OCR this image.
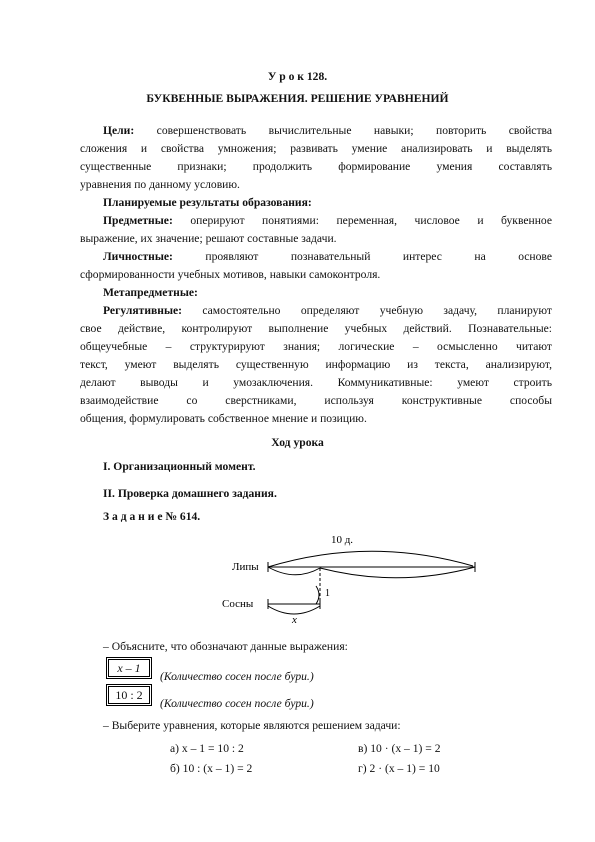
У р о к 128.
БУКВЕННЫЕ ВЫРАЖЕНИЯ. РЕШЕНИЕ УРАВНЕНИЙ
Цели: совершенствовать вычислительные навыки; повторить свойства
сложения и свойства умножения; развивать умение анализировать и выделять
существенные признаки; продолжить формирование умения составлять
уравнения по данному условию.
Планируемые результаты образования:
Предметные: оперируют понятиями: переменная, числовое и буквенное
выражение, их значение; решают составные задачи.
Личностные:	проявляют познавательный интерес на основе
сформированности учебных мотивов, навыки самоконтроля.
Метапредметные:
Регулятивные: самостоятельно определяют учебную задачу, планируют
свое действие, контролируют выполнение учебных действий. Познавательные:
общеучебные – структурируют знания; логические – осмысленно читают
текст, умеют выделять существенную информацию из текста, анализируют,
делают выводы и умозаключения. Коммуникативные: умеют строить
взаимодействие со сверстниками, используя конструктивные способы
общения, формулировать собственное мнение и позицию.
Ход урока
I. Организационный момент.
II. Проверка домашнего задания.
З а д а н и е № 614.
10 д.
Липы
Сосны
1
х
– Объясните, что обозначают данные выражения:
х – 1
(Количество сосен после бури.)
10 : 2
(Количество сосен после бури.)
– Выберите уравнения, которые являются решением задачи:
а) х – 1 = 10 : 2	в) 10 · (х – 1) = 2
б) 10 : (х – 1) = 2	г) 2 · (х – 1) = 10
